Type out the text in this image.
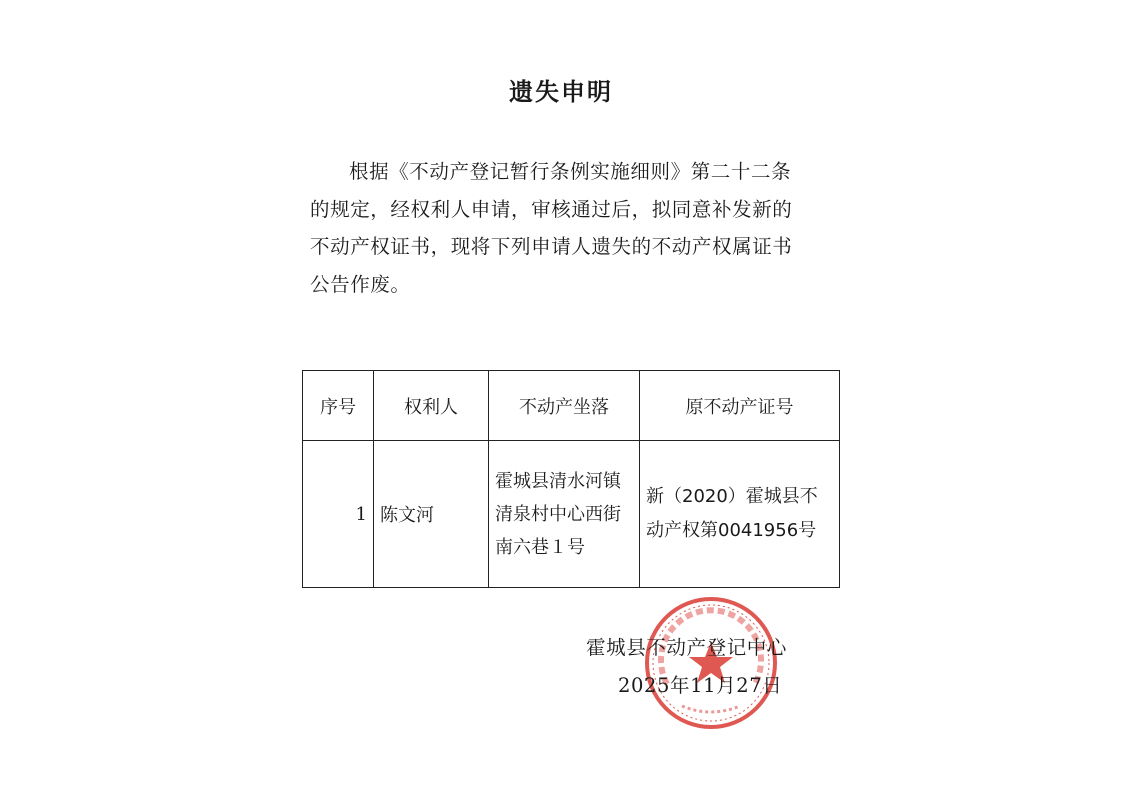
遗失申明
根据《不动产登记暂行条例实施细则》第二十二条的规定，经权利人申请，审核通过后，拟同意补发新的不动产权证书，现将下列申请人遗失的不动产权属证书公告作废。
序号	权利人	不动产坐落	原不动产证号
1	陈文河	霍城县清水河镇清泉村中心西街南六巷１号	新（2020）霍城县不动产权第0041956号
霍城县不动产登记中心
2025年11月27日
